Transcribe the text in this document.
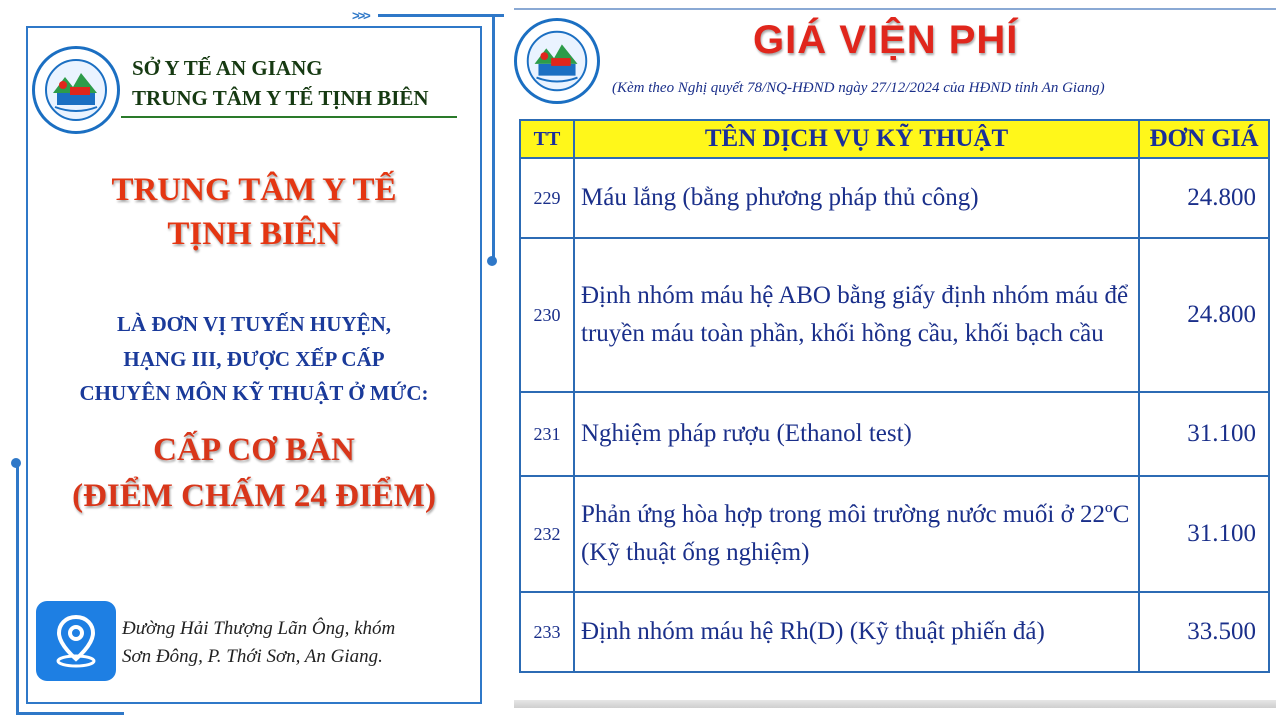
>>>
SỞ Y TẾ AN GIANG
TRUNG TÂM Y TẾ TỊNH BIÊN
TRUNG TÂM Y TẾ
TỊNH BIÊN
LÀ ĐƠN VỊ TUYẾN HUYỆN,
HẠNG III, ĐƯỢC XẾP CẤP
CHUYÊN MÔN KỸ THUẬT Ở MỨC:
CẤP CƠ BẢN
(ĐIỂM CHẤM 24 ĐIỂM)
Đường Hải Thượng Lãn Ông, khóm
Sơn Đông, P. Thới Sơn, An Giang.
GIÁ VIỆN PHÍ
(Kèm theo Nghị quyết 78/NQ-HĐND ngày 27/12/2024 của HĐND tỉnh An Giang)
TT	TÊN DỊCH VỤ KỸ THUẬT	ĐƠN GIÁ
229	Máu lắng (bằng phương pháp thủ công)	24.800
230	Định nhóm máu hệ ABO bằng giấy định nhóm máu để
truyền máu toàn phần, khối hồng cầu, khối bạch cầu	24.800
231	Nghiệm pháp rượu (Ethanol test)	31.100
232	Phản ứng hòa hợp trong môi trường nước muối ở 22ºC
(Kỹ thuật ống nghiệm)	31.100
233	Định nhóm máu hệ Rh(D) (Kỹ thuật phiến đá)	33.500
